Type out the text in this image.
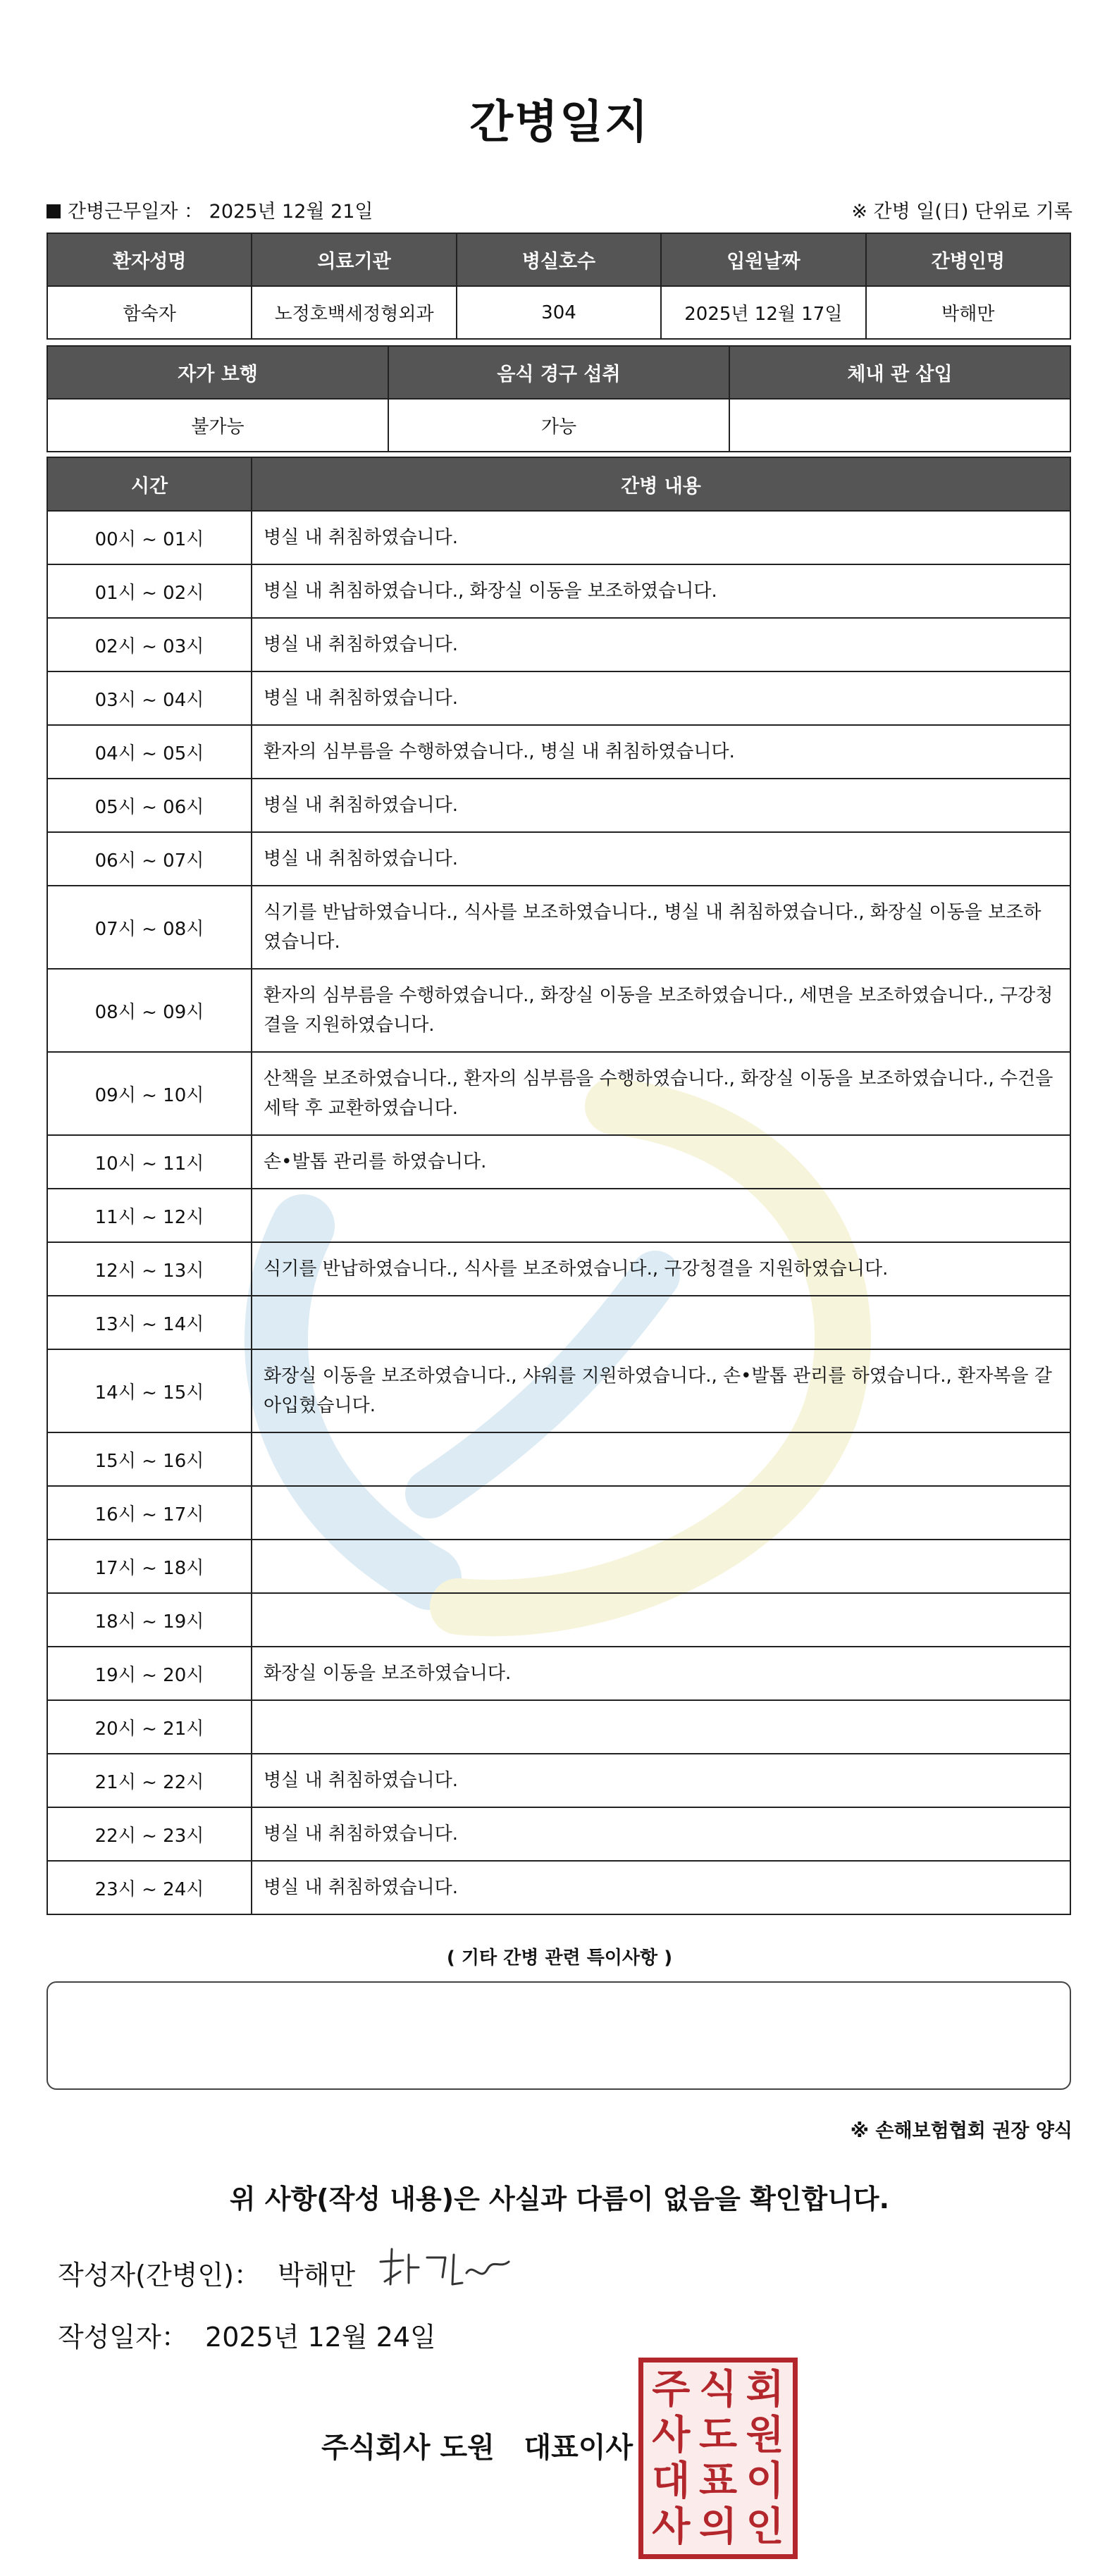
간병일지
간병근무일자 ： 2025년 12월 21일	※ 간병 일(日) 단위로 기록
환자성명	의료기관	병실호수	입원날짜	간병인명
함숙자	노정호백세정형외과	304	2025년 12월 17일	박해만
자가 보행	음식 경구 섭취	체내 관 삽입
불가능	가능	
시간	간병 내용
00시 ~ 01시	병실 내 취침하였습니다.
01시 ~ 02시	병실 내 취침하였습니다., 화장실 이동을 보조하였습니다.
02시 ~ 03시	병실 내 취침하였습니다.
03시 ~ 04시	병실 내 취침하였습니다.
04시 ~ 05시	환자의 심부름을 수행하였습니다., 병실 내 취침하였습니다.
05시 ~ 06시	병실 내 취침하였습니다.
06시 ~ 07시	병실 내 취침하였습니다.
07시 ~ 08시	식기를 반납하였습니다., 식사를 보조하였습니다., 병실 내 취침하였습니다., 화장실 이동을 보조하였습니다.
08시 ~ 09시	환자의 심부름을 수행하였습니다., 화장실 이동을 보조하였습니다., 세면을 보조하였습니다., 구강청결을 지원하였습니다.
09시 ~ 10시	산책을 보조하였습니다., 환자의 심부름을 수행하였습니다., 화장실 이동을 보조하였습니다., 수건을 세탁 후 교환하였습니다.
10시 ~ 11시	손•발톱 관리를 하였습니다.
11시 ~ 12시	
12시 ~ 13시	식기를 반납하였습니다., 식사를 보조하였습니다., 구강청결을 지원하였습니다.
13시 ~ 14시	
14시 ~ 15시	화장실 이동을 보조하였습니다., 샤워를 지원하였습니다., 손•발톱 관리를 하였습니다., 환자복을 갈아입혔습니다.
15시 ~ 16시	
16시 ~ 17시	
17시 ~ 18시	
18시 ~ 19시	
19시 ~ 20시	화장실 이동을 보조하였습니다.
20시 ~ 21시	
21시 ~ 22시	병실 내 취침하였습니다.
22시 ~ 23시	병실 내 취침하였습니다.
23시 ~ 24시	병실 내 취침하였습니다.
( 기타 간병 관련 특이사항 )
※ 손해보험협회 권장 양식
위 사항(작성 내용)은 사실과 다름이 없음을 확인합니다.
작성자(간병인)： 박해만
작성일자： 2025년 12월 24일
주식회사 도원   대표이사
주 식 회
사 도 원
대 표 이
사 의 인
